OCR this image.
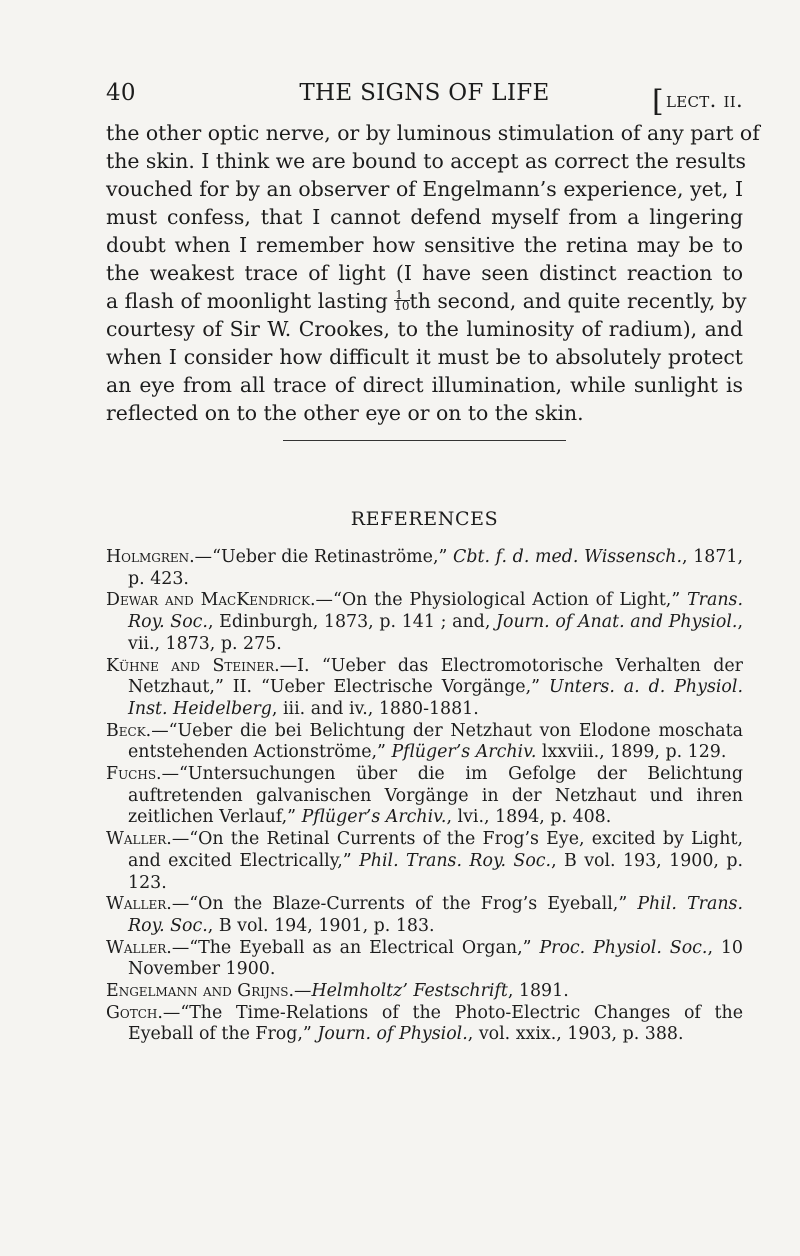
40	THE SIGNS OF LIFE	[lect. ii.
the other optic nerve, or by luminous stimulation of any part of
the skin. I think we are bound to accept as correct the results
vouched for by an observer of Engelmann’s experience, yet, I
must confess, that I cannot defend myself from a lingering
doubt when I remember how sensitive the retina may be to
the weakest trace of light (I have seen distinct reaction to
a flash of moonlight lasting $\frac{1}{10}$ th second, and quite recently, by
courtesy of Sir W. Crookes, to the luminosity of radium), and
when I consider how difficult it must be to absolutely protect
an eye from all trace of direct illumination, while sunlight is
reflected on to the other eye or on to the skin.
REFERENCES
Holmgren.—“Ueber die Retinaströme,” Cbt. f. d. med. Wissensch., 1871, p. 423.
Dewar and MacKendrick.—“On the Physiological Action of Light,” Trans. Roy. Soc., Edinburgh, 1873, p. 141 ; and, Journ. of Anat. and Physiol., vii., 1873, p. 275.
Kühne and Steiner.—I. “Ueber das Electromotorische Verhalten der Netzhaut,” II. “Ueber Electrische Vorgänge,” Unters. a. d. Physiol. Inst. Heidelberg, iii. and iv., 1880-1881.
Beck.—“Ueber die bei Belichtung der Netzhaut von Elodone moschata entstehenden Actionströme,” Pflüger’s Archiv. lxxviii., 1899, p. 129.
Fuchs.—“Untersuchungen über die im Gefolge der Belichtung auftretenden galvanischen Vorgänge in der Netzhaut und ihren zeitlichen Verlauf,” Pflüger’s Archiv., lvi., 1894, p. 408.
Waller.—“On the Retinal Currents of the Frog’s Eye, excited by Light, and excited Electrically,” Phil. Trans. Roy. Soc., B vol. 193, 1900, p. 123.
Waller.—“On the Blaze-Currents of the Frog’s Eyeball,” Phil. Trans. Roy. Soc., B vol. 194, 1901, p. 183.
Waller.—“The Eyeball as an Electrical Organ,” Proc. Physiol. Soc., 10 November 1900.
Engelmann and Grijns.—Helmholtz’ Festschrift, 1891.
Gotch.—“The Time-Relations of the Photo-Electric Changes of the Eyeball of the Frog,” Journ. of Physiol., vol. xxix., 1903, p. 388.
